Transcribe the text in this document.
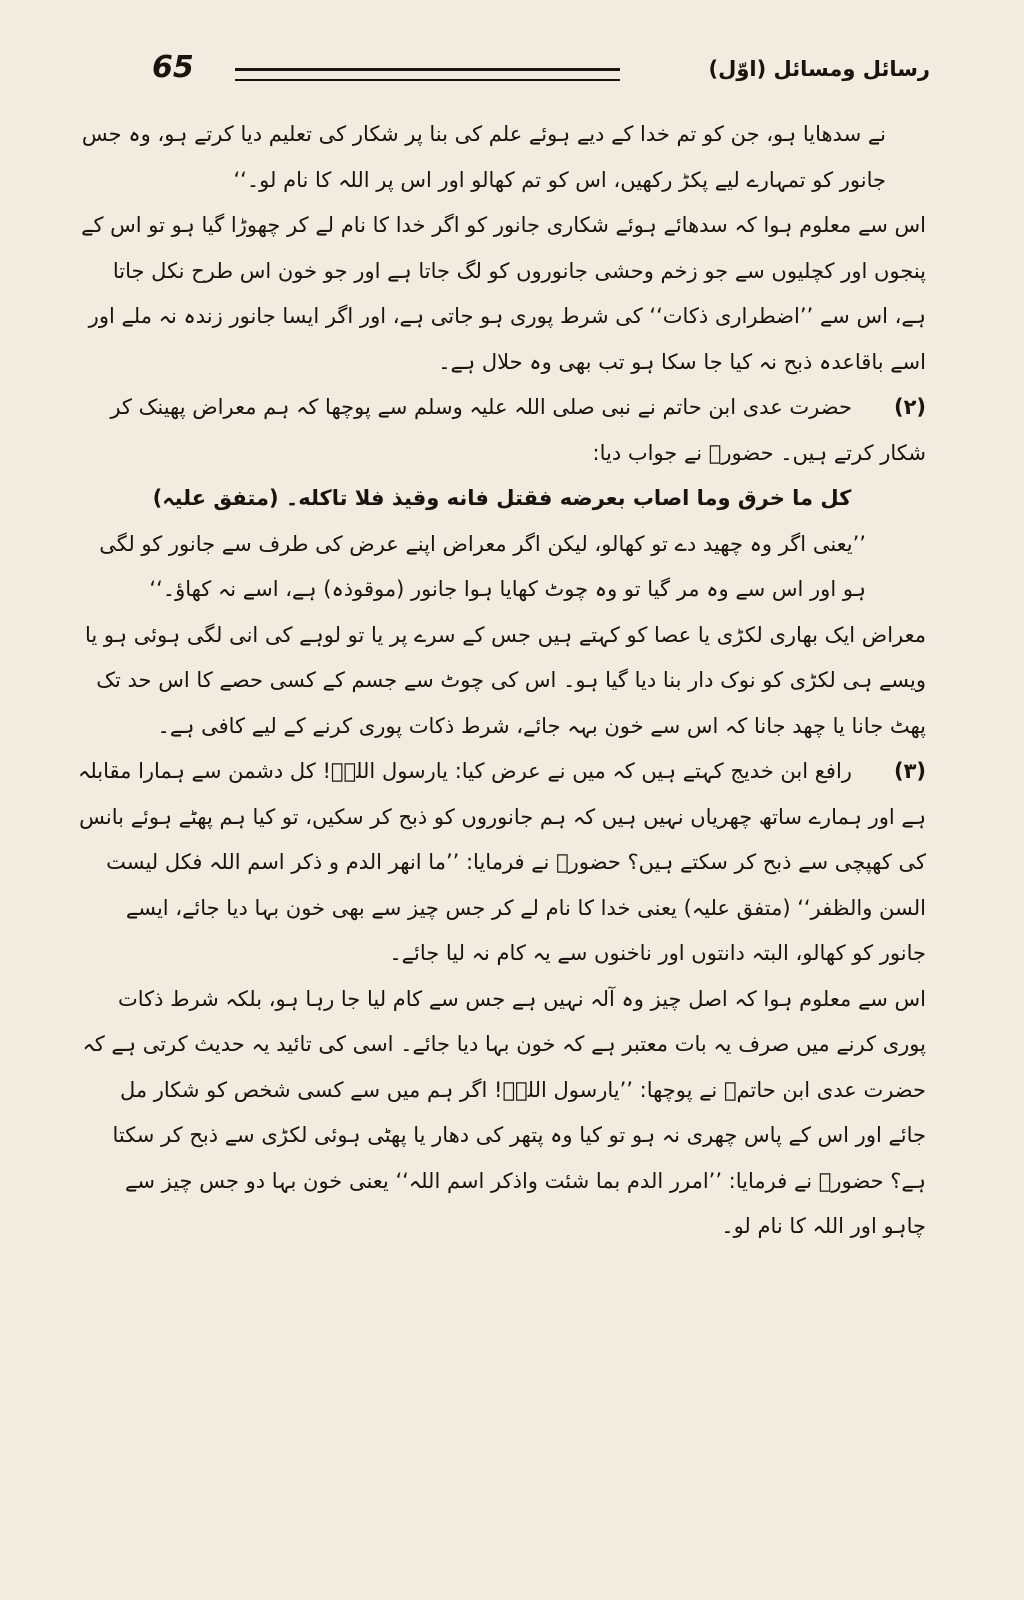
رسائل ومسائل (اوّل)
65

نے سدھایا ہو، جن کو تم خدا کے دیے ہوئے علم کی بنا پر شکار کی تعلیم دیا کرتے ہو، وہ جس جانور کو تمہارے لیے پکڑ رکھیں، اس کو تم کھالو اور اس پر اللہ کا نام لو۔‘‘

اس سے معلوم ہوا کہ سدھائے ہوئے شکاری جانور کو اگر خدا کا نام لے کر چھوڑا گیا ہو تو اس کے پنجوں اور کچلیوں سے جو زخم وحشی جانوروں کو لگ جاتا ہے اور جو خون اس طرح نکل جاتا ہے، اس سے ’’اضطراری ذکات‘‘ کی شرط پوری ہو جاتی ہے، اور اگر ایسا جانور زندہ نہ ملے اور اسے باقاعدہ ذبح نہ کیا جا سکا ہو تب بھی وہ حلال ہے۔

(۲)حضرت عدی ابن حاتم نے نبی صلی اللہ علیہ وسلم سے پوچھا کہ ہم معراض پھینک کر شکار کرتے ہیں۔ حضورؐ نے جواب دیا:

کل ما خرق وما اصاب بعرضه فقتل فانه وقیذ فلا تاکله۔ (متفق علیہ)

’’یعنی اگر وہ چھید دے تو کھالو، لیکن اگر معراض اپنے عرض کی طرف سے جانور کو لگی ہو اور اس سے وہ مر گیا تو وہ چوٹ کھایا ہوا جانور (موقوذہ) ہے، اسے نہ کھاؤ۔‘‘

معراض ایک بھاری لکڑی یا عصا کو کہتے ہیں جس کے سرے پر یا تو لوہے کی انی لگی ہوئی ہو یا ویسے ہی لکڑی کو نوک دار بنا دیا گیا ہو۔ اس کی چوٹ سے جسم کے کسی حصے کا اس حد تک پھٹ جانا یا چھد جانا کہ اس سے خون بہہ جائے، شرط ذکات پوری کرنے کے لیے کافی ہے۔

(۳)رافع ابن خدیج کہتے ہیں کہ میں نے عرض کیا: یارسول اللہؐ! کل دشمن سے ہمارا مقابلہ ہے اور ہمارے ساتھ چھریاں نہیں ہیں کہ ہم جانوروں کو ذبح کر سکیں، تو کیا ہم پھٹے ہوئے بانس کی کھپچی سے ذبح کر سکتے ہیں؟ حضورؐ نے فرمایا: ’’ما انھر الدم و ذکر اسم اللہ فکل لیست السن والظفر‘‘ (متفق علیہ) یعنی خدا کا نام لے کر جس چیز سے بھی خون بہا دیا جائے، ایسے جانور کو کھالو، البتہ دانتوں اور ناخنوں سے یہ کام نہ لیا جائے۔

اس سے معلوم ہوا کہ اصل چیز وہ آلہ نہیں ہے جس سے کام لیا جا رہا ہو، بلکہ شرط ذکات پوری کرنے میں صرف یہ بات معتبر ہے کہ خون بہا دیا جائے۔ اسی کی تائید یہ حدیث کرتی ہے کہ حضرت عدی ابن حاتمؓ نے پوچھا: ’’یارسول اللہؐ! اگر ہم میں سے کسی شخص کو شکار مل جائے اور اس کے پاس چھری نہ ہو تو کیا وہ پتھر کی دھار یا پھٹی ہوئی لکڑی سے ذبح کر سکتا ہے؟ حضورؐ نے فرمایا: ’’امرر الدم بما شئت واذکر اسم اللہ‘‘ یعنی خون بہا دو جس چیز سے چاہو اور اللہ کا نام لو۔
